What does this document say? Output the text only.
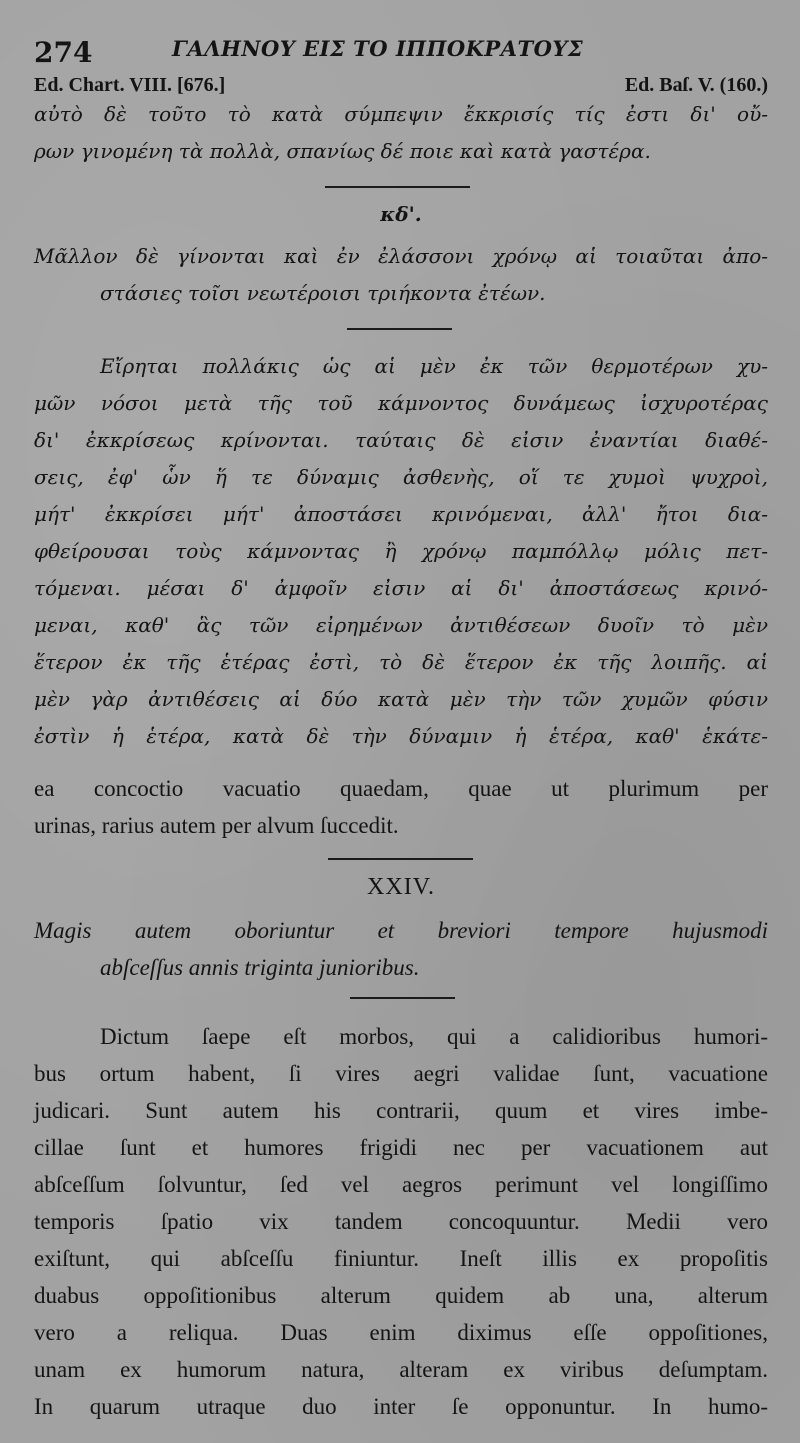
274	ΓΑΛΗΝΟΥ ΕΙΣ ΤΟ ΙΠΠΟΚΡΑΤΟΥΣ
Ed. Chart. VIII. [676.]	Ed. Baſ. V. (160.)
αὐτὸ δὲ τοῦτο τὸ κατὰ σύμπεψιν ἔκκρισίς τίς ἐστι δι' οὔ-
ρων γινομένη τὰ πολλὰ, σπανίως δέ ποιε καὶ κατὰ γαστέρα.
κδ'.
Μᾶλλον δὲ γίνονται καὶ ἐν ἐλάσσονι χρόνῳ αἱ τοιαῦται ἀπο-
στάσιες τοῖσι νεωτέροισι τριήκοντα ἐτέων.
Εἴρηται πολλάκις ὡς αἱ μὲν ἐκ τῶν θερμοτέρων χυ-
μῶν νόσοι μετὰ τῆς τοῦ κάμνοντος δυνάμεως ἰσχυροτέρας
δι' ἐκκρίσεως κρίνονται. ταύταις δὲ εἰσιν ἐναντίαι διαθέ-
σεις, ἐφ' ὧν ἥ τε δύναμις ἀσθενὴς, οἵ τε χυμοὶ ψυχροὶ,
μήτ' ἐκκρίσει μήτ' ἀποστάσει κρινόμεναι, ἀλλ' ἤτοι δια-
φθείρουσαι τοὺς κάμνοντας ἢ χρόνῳ παμπόλλῳ μόλις πετ-
τόμεναι. μέσαι δ' ἀμφοῖν εἰσιν αἱ δι' ἀποστάσεως κρινό-
μεναι, καθ' ἃς τῶν εἰρημένων ἀντιθέσεων δυοῖν τὸ μὲν
ἕτερον ἐκ τῆς ἑτέρας ἐστὶ, τὸ δὲ ἕτερον ἐκ τῆς λοιπῆς. αἱ
μὲν γὰρ ἀντιθέσεις αἱ δύο κατὰ μὲν τὴν τῶν χυμῶν φύσιν
ἐστὶν ἡ ἑτέρα, κατὰ δὲ τὴν δύναμιν ἡ ἑτέρα, καθ' ἑκάτε-
ea concoctio vacuatio quaedam, quae ut plurimum per
urinas, rarius autem per alvum ſuccedit.
XXIV.
Magis autem oboriuntur et breviori tempore hujusmodi
abſceſſus annis triginta junioribus.
Dictum ſaepe eſt morbos, qui a calidioribus humori-
bus ortum habent, ſi vires aegri validae ſunt, vacuatione
judicari. Sunt autem his contrarii, quum et vires imbe-
cillae ſunt et humores frigidi nec per vacuationem aut
abſceſſum ſolvuntur, ſed vel aegros perimunt vel longiſſimo
temporis ſpatio vix tandem concoquuntur. Medii vero
exiſtunt, qui abſceſſu finiuntur. Ineſt illis ex propoſitis
duabus oppoſitionibus alterum quidem ab una, alterum
vero a reliqua. Duas enim diximus eſſe oppoſitiones,
unam ex humorum natura, alteram ex viribus deſumptam.
In quarum utraque duo inter ſe opponuntur. In humo-
